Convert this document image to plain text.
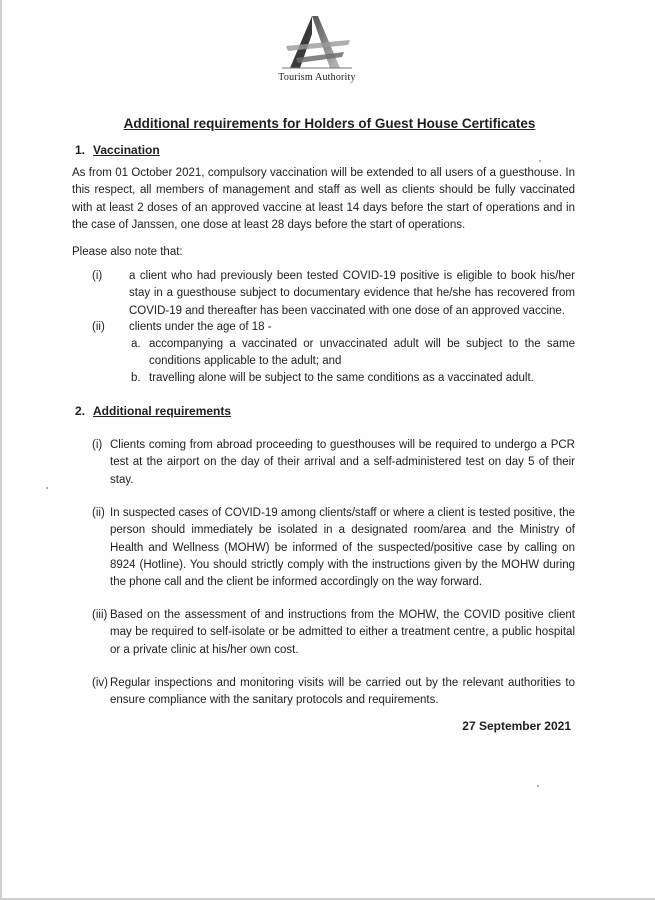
Tourism Authority
Additional requirements for Holders of Guest House Certificates
1. Vaccination
As from 01 October 2021, compulsory vaccination will be extended to all users of a guesthouse. In this respect, all members of management and staff as well as clients should be fully vaccinated with at least 2 doses of an approved vaccine at least 14 days before the start of operations and in the case of Janssen, one dose at least 28 days before the start of operations.
Please also note that:
(i) a client who had previously been tested COVID-19 positive is eligible to book his/her stay in a guesthouse subject to documentary evidence that he/she has recovered from COVID-19 and thereafter has been vaccinated with one dose of an approved vaccine.
(ii) clients under the age of 18 -
a. accompanying a vaccinated or unvaccinated adult will be subject to the same conditions applicable to the adult; and
b. travelling alone will be subject to the same conditions as a vaccinated adult.
2. Additional requirements
(i) Clients coming from abroad proceeding to guesthouses will be required to undergo a PCR test at the airport on the day of their arrival and a self-administered test on day 5 of their stay.
(ii) In suspected cases of COVID-19 among clients/staff or where a client is tested positive, the person should immediately be isolated in a designated room/area and the Ministry of Health and Wellness (MOHW) be informed of the suspected/positive case by calling on 8924 (Hotline). You should strictly comply with the instructions given by the MOHW during the phone call and the client be informed accordingly on the way forward.
(iii) Based on the assessment of and instructions from the MOHW, the COVID positive client may be required to self-isolate or be admitted to either a treatment centre, a public hospital or a private clinic at his/her own cost.
(iv) Regular inspections and monitoring visits will be carried out by the relevant authorities to ensure compliance with the sanitary protocols and requirements.
27 September 2021
